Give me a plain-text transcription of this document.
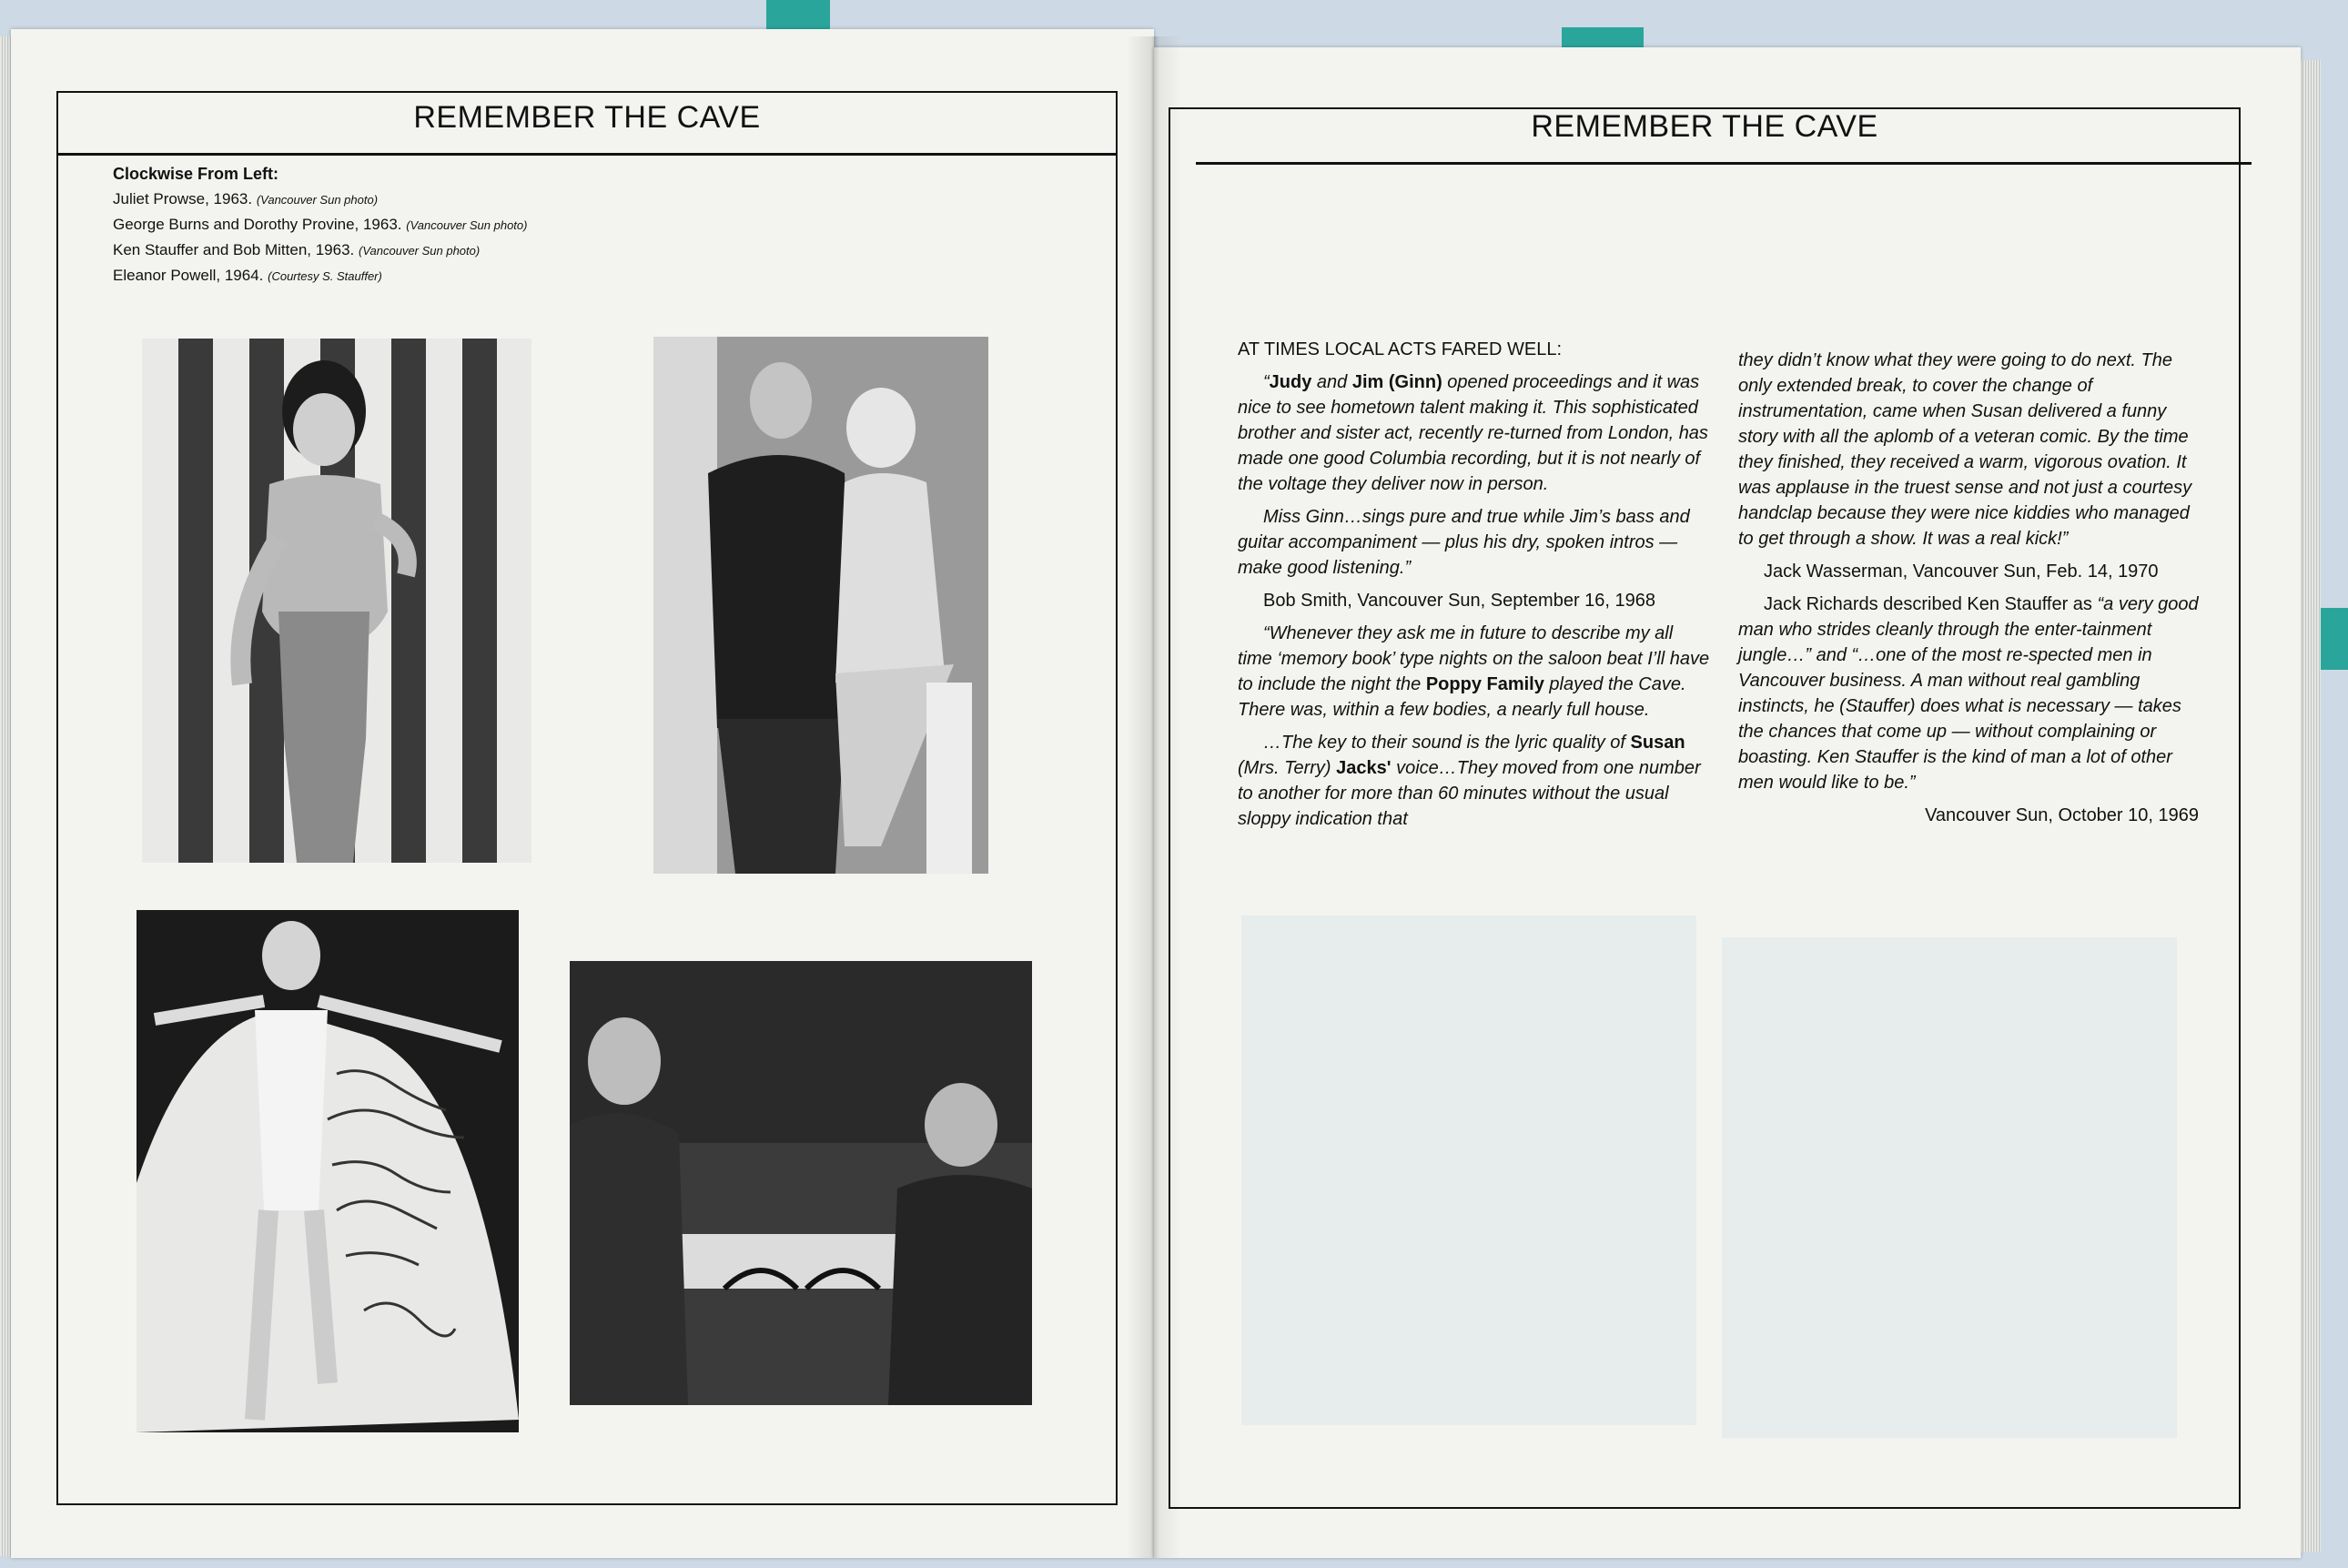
REMEMBER THE CAVE
Clockwise From Left:
Juliet Prowse, 1963. (Vancouver Sun photo)
George Burns and Dorothy Provine, 1963. (Vancouver Sun photo)
Ken Stauffer and Bob Mitten, 1963. (Vancouver Sun photo)
Eleanor Powell, 1964. (Courtesy S. Stauffer)
REMEMBER THE CAVE

AT TIMES LOCAL ACTS FARED WELL:

“Judy and Jim (Ginn) opened proceedings and it was nice to see hometown talent making it. This sophisticated brother and sister act, recently re-turned from London, has made one good Columbia recording, but it is not nearly of the voltage they deliver now in person.

Miss Ginn…sings pure and true while Jim’s bass and guitar accompaniment — plus his dry, spoken intros — make good listening.”

Bob Smith, Vancouver Sun, September 16, 1968

“Whenever they ask me in future to describe my all time ‘memory book’ type nights on the saloon beat I’ll have to include the night the Poppy Family played the Cave. There was, within a few bodies, a nearly full house.

…The key to their sound is the lyric quality of Susan (Mrs. Terry) Jacks' voice…They moved from one number to another for more than 60 minutes without the usual sloppy indication that

they didn’t know what they were going to do next. The only extended break, to cover the change of instrumentation, came when Susan delivered a funny story with all the aplomb of a veteran comic. By the time they finished, they received a warm, vigorous ovation. It was applause in the truest sense and not just a courtesy handclap because they were nice kiddies who managed to get through a show. It was a real kick!”

Jack Wasserman, Vancouver Sun, Feb. 14, 1970

Jack Richards described Ken Stauffer as “a very good man who strides cleanly through the enter-tainment jungle…” and “…one of the most re-spected men in Vancouver business. A man without real gambling instincts, he (Stauffer) does what is necessary — takes the chances that come up — without complaining or boasting. Ken Stauffer is the kind of man a lot of other men would like to be.”

Vancouver Sun, October 10, 1969
